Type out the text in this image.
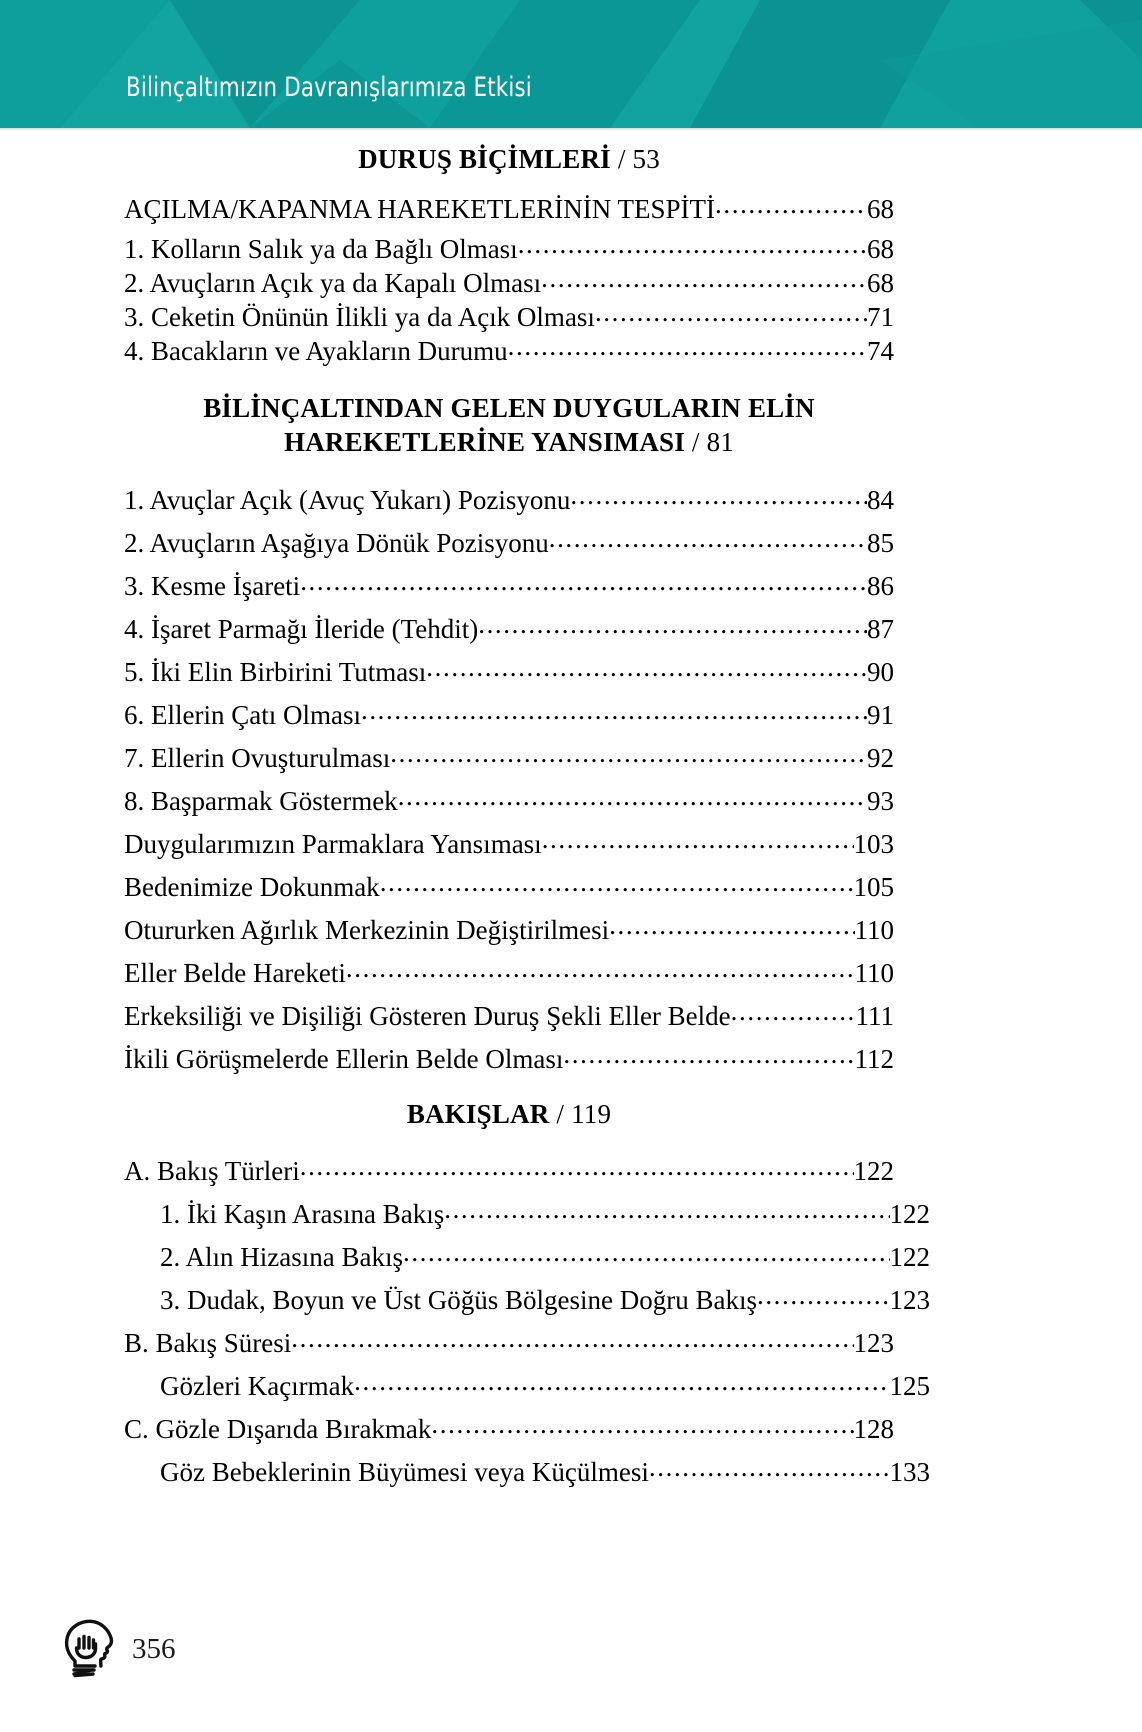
Bilinçaltımızın Davranışlarımıza Etkisi
DURUŞ BİÇİMLERİ / 53
AÇILMA/KAPANMA HAREKETLERİNİN TESPİTİ .....	68
1. Kolların Salık ya da Bağlı Olması .....	68
2. Avuçların Açık ya da Kapalı Olması .....	68
3. Ceketin Önünün İlikli ya da Açık Olması .....	71
4. Bacakların ve Ayakların Durumu .....	74
BİLİNÇALTINDAN GELEN DUYGULARIN ELİN
HAREKETLERİNE YANSIMASI / 81
1. Avuçlar Açık (Avuç Yukarı) Pozisyonu .....	84
2. Avuçların Aşağıya Dönük Pozisyonu .....	85
3. Kesme İşareti .....	86
4. İşaret Parmağı İleride (Tehdit) .....	87
5. İki Elin Birbirini Tutması .....	90
6. Ellerin Çatı Olması .....	91
7. Ellerin Ovuşturulması .....	92
8. Başparmak Göstermek .....	93
Duygularımızın Parmaklara Yansıması .....	103
Bedenimize Dokunmak .....	105
Otururken Ağırlık Merkezinin Değiştirilmesi .....	110
Eller Belde Hareketi .....	110
Erkeksiliği ve Dişiliği Gösteren Duruş Şekli Eller Belde .....	111
İkili Görüşmelerde Ellerin Belde Olması .....	112
BAKIŞLAR / 119
A. Bakış Türleri .....	122
1. İki Kaşın Arasına Bakış .....	122
2. Alın Hizasına Bakış .....	122
3. Dudak, Boyun ve Üst Göğüs Bölgesine Doğru Bakış .....	123
B. Bakış Süresi .....	123
Gözleri Kaçırmak .....	125
C. Gözle Dışarıda Bırakmak .....	128
Göz Bebeklerinin Büyümesi veya Küçülmesi .....	133
356
